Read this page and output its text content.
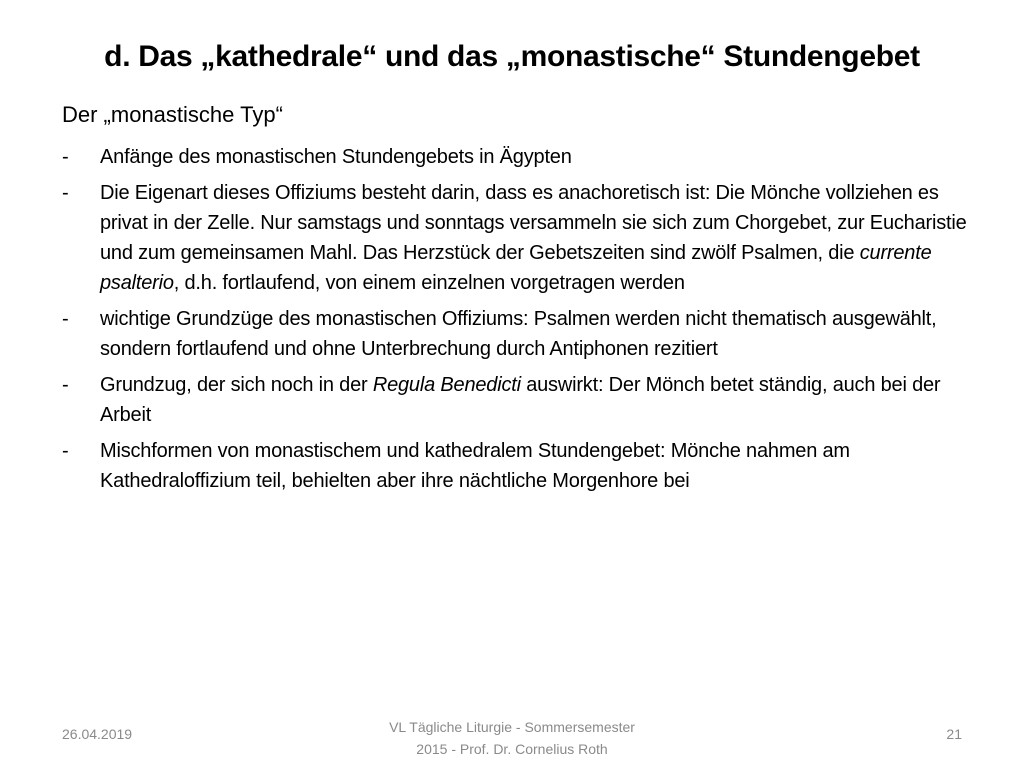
d. Das „kathedrale“ und das „monastische“ Stundengebet
Der „monastische Typ“
- Anfänge des monastischen Stundengebets in Ägypten
- Die Eigenart dieses Offiziums besteht darin, dass es anachoretisch ist: Die Mönche vollziehen es privat in der Zelle. Nur samstags und sonntags versammeln sie sich zum Chorgebet, zur Eucharistie und zum gemeinsamen Mahl. Das Herzstück der Gebetszeiten sind zwölf Psalmen, die currente psalterio, d.h. fortlaufend, von einem einzelnen vorgetragen werden
- wichtige Grundzüge des monastischen Offiziums: Psalmen werden nicht thematisch ausgewählt, sondern fortlaufend und ohne Unterbrechung durch Antiphonen rezitiert
- Grundzug, der sich noch in der Regula Benedicti auswirkt: Der Mönch betet ständig, auch bei der Arbeit
- Mischformen von monastischem und kathedralem Stundengebet: Mönche nahmen am Kathedraloffizium teil, behielten aber ihre nächtliche Morgenhore bei
26.04.2019	VL Tägliche Liturgie - Sommersemester
2015 - Prof. Dr. Cornelius Roth
21
